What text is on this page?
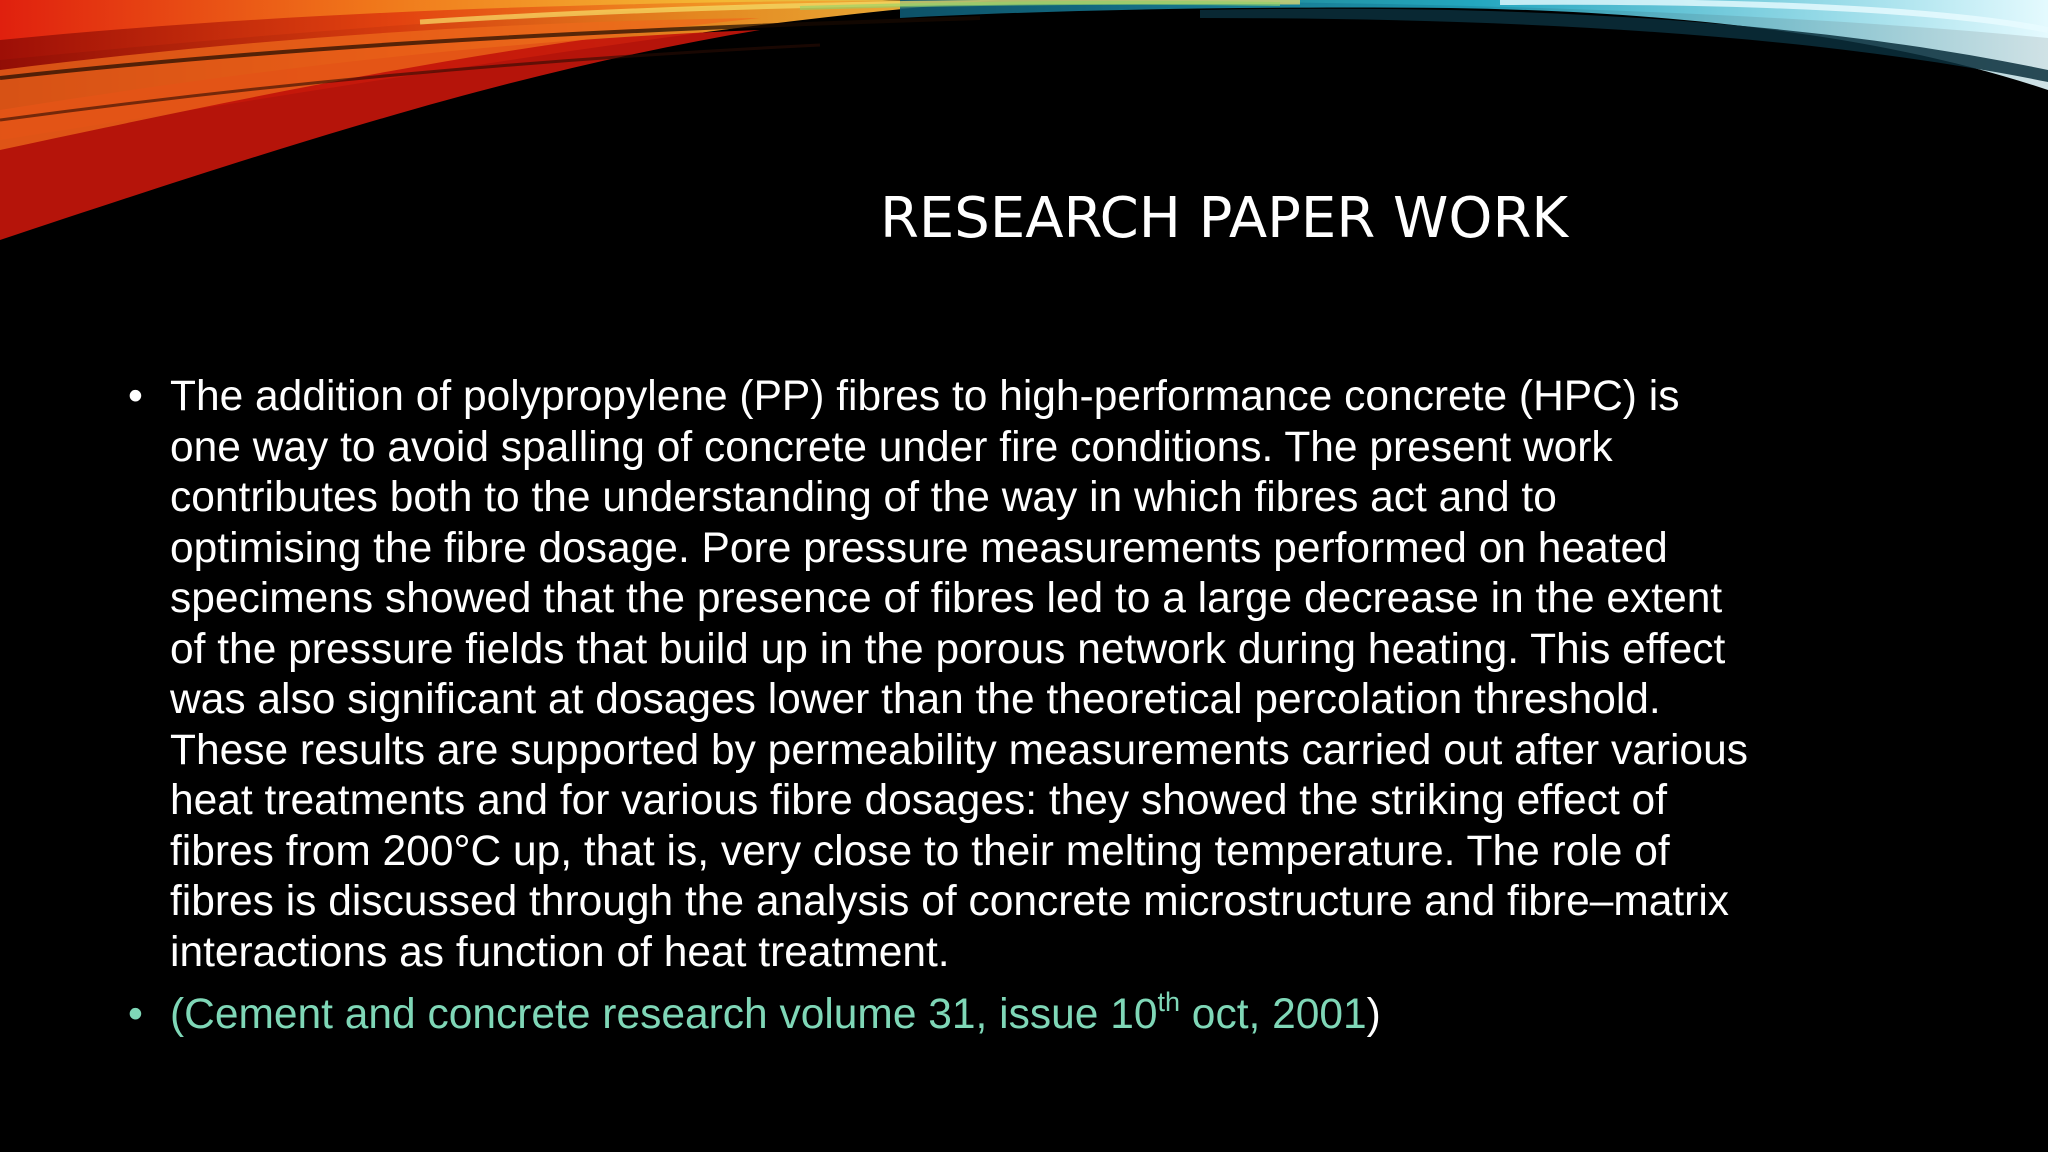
RESEARCH PAPER WORK
• The addition of polypropylene (PP) fibres to high-performance concrete (HPC) is
one way to avoid spalling of concrete under fire conditions. The present work
contributes both to the understanding of the way in which fibres act and to
optimising the fibre dosage. Pore pressure measurements performed on heated
specimens showed that the presence of fibres led to a large decrease in the extent
of the pressure fields that build up in the porous network during heating. This effect
was also significant at dosages lower than the theoretical percolation threshold.
These results are supported by permeability measurements carried out after various
heat treatments and for various fibre dosages: they showed the striking effect of
fibres from 200°C up, that is, very close to their melting temperature. The role of
fibres is discussed through the analysis of concrete microstructure and fibre–matrix
interactions as function of heat treatment.
• (Cement and concrete research volume 31, issue 10th oct, 2001)
